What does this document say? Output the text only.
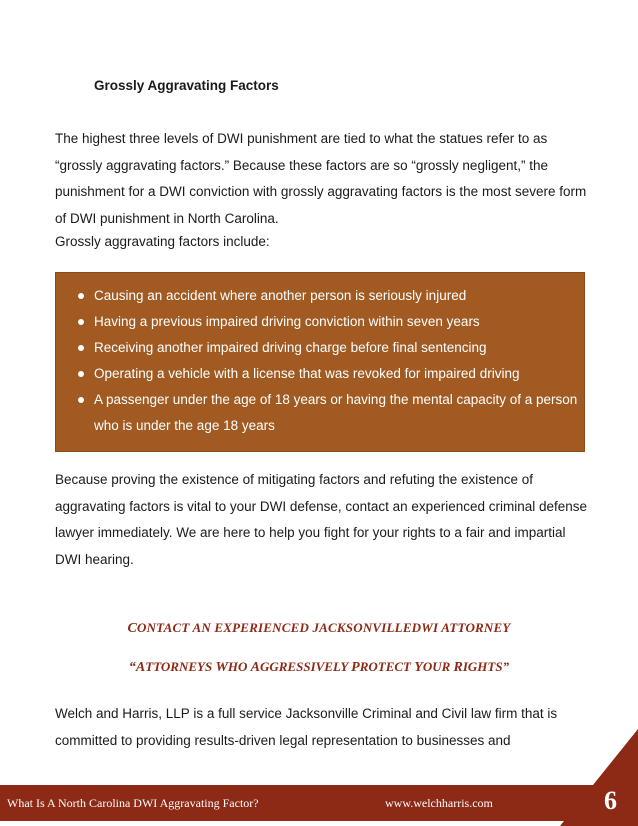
Grossly Aggravating Factors

The highest three levels of DWI punishment are tied to what the statues refer to as “grossly aggravating factors.” Because these factors are so “grossly negligent,” the punishment for a DWI conviction with grossly aggravating factors is the most severe form of DWI punishment in North Carolina.

Grossly aggravating factors include:

Causing an accident where another person is seriously injured
Having a previous impaired driving conviction within seven years
Receiving another impaired driving charge before final sentencing
Operating a vehicle with a license that was revoked for impaired driving
A passenger under the age of 18 years or having the mental capacity of a person who is under the age 18 years

Because proving the existence of mitigating factors and refuting the existence of aggravating factors is vital to your DWI defense, contact an experienced criminal defense lawyer immediately. We are here to help you fight for your rights to a fair and impartial DWI hearing.

CONTACT AN EXPERIENCED JACKSONVILLEDWI ATTORNEY
“ATTORNEYS WHO AGGRESSIVELY PROTECT YOUR RIGHTS”

Welch and Harris, LLP is a full service Jacksonville Criminal and Civil law firm that is committed to providing results-driven legal representation to businesses and

What Is A North Carolina DWI Aggravating Factor?	www.welchharris.com	6
